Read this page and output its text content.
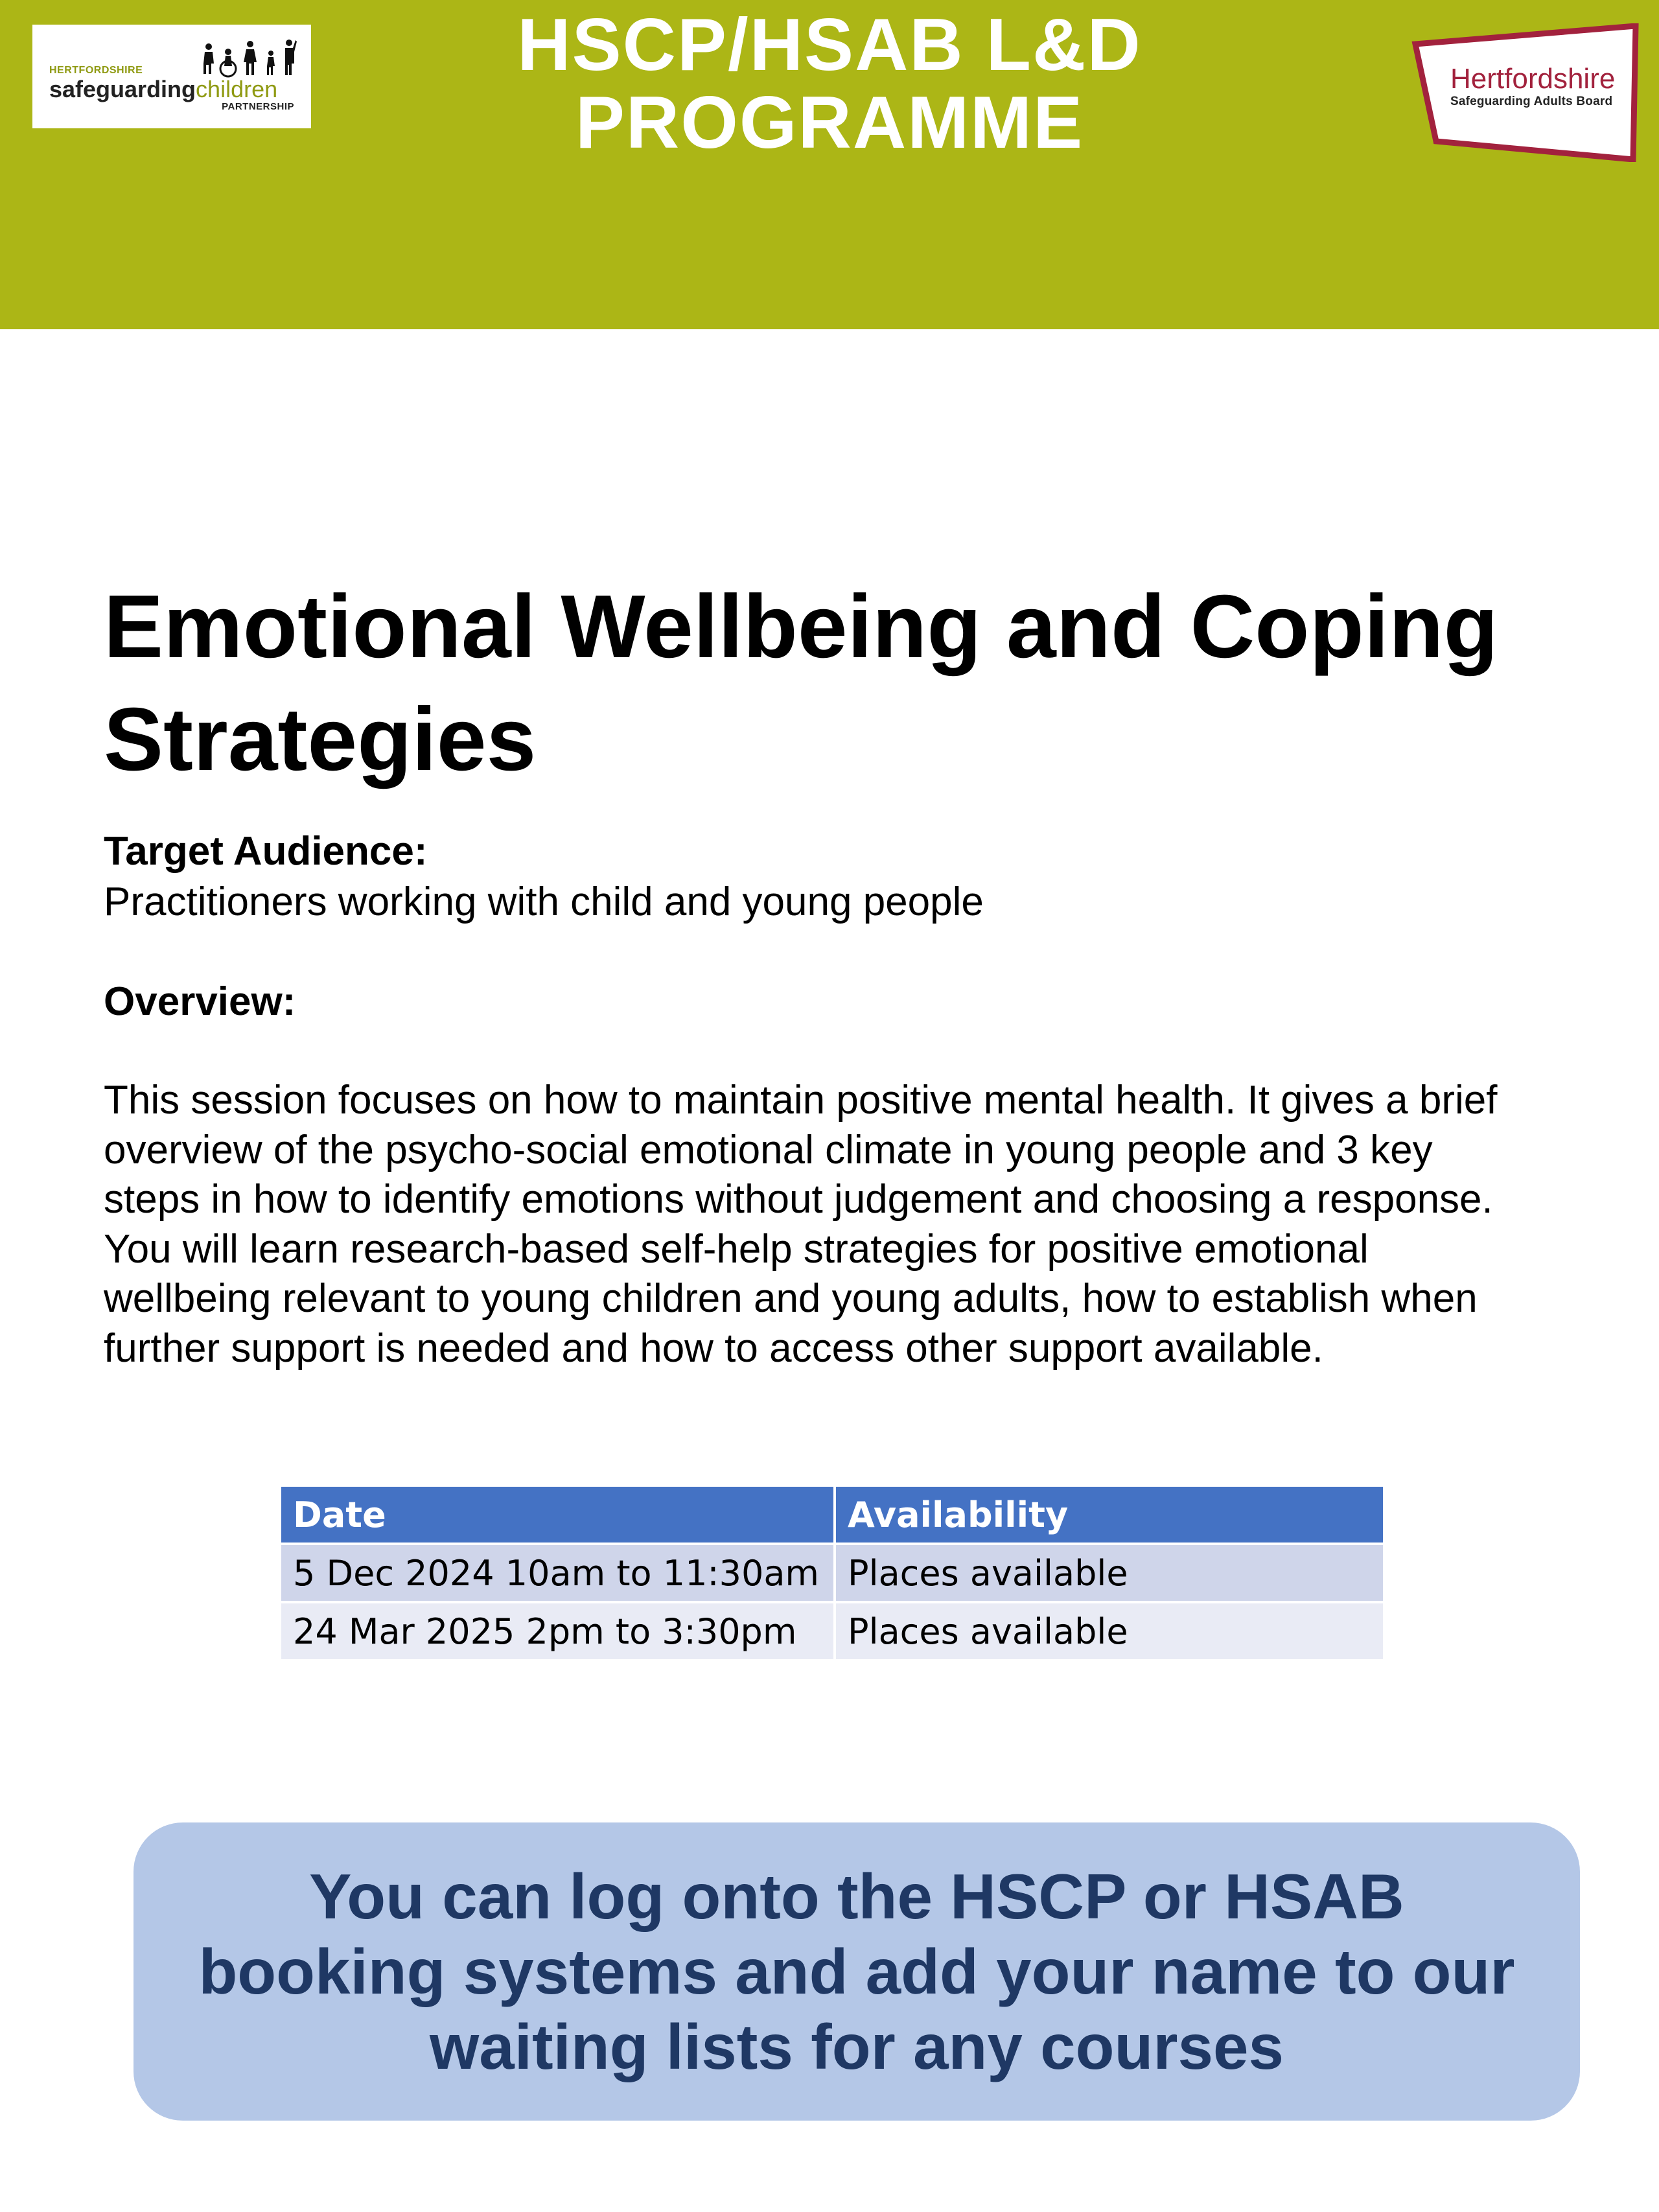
HERTFORDSHIRE
safeguardingchildren
PARTNERSHIP
HSCP/HSAB L&D PROGRAMME
Hertfordshire
Safeguarding Adults Board
Emotional Wellbeing and Coping Strategies
Target Audience:
Practitioners working with child and young people
Overview:
This session focuses on how to maintain positive mental health. It gives a brief
overview of the psycho-social emotional climate in young people and 3 key
steps in how to identify emotions without judgement and choosing a response.
You will learn research-based self-help strategies for positive emotional
wellbeing relevant to young children and young adults, how to establish when
further support is needed and how to access other support available.
Date	Availability
5 Dec 2024 10am to 11:30am	Places available
24 Mar 2025 2pm to 3:30pm	Places available
You can log onto the HSCP or HSAB booking systems and add your name to our waiting lists for any courses
